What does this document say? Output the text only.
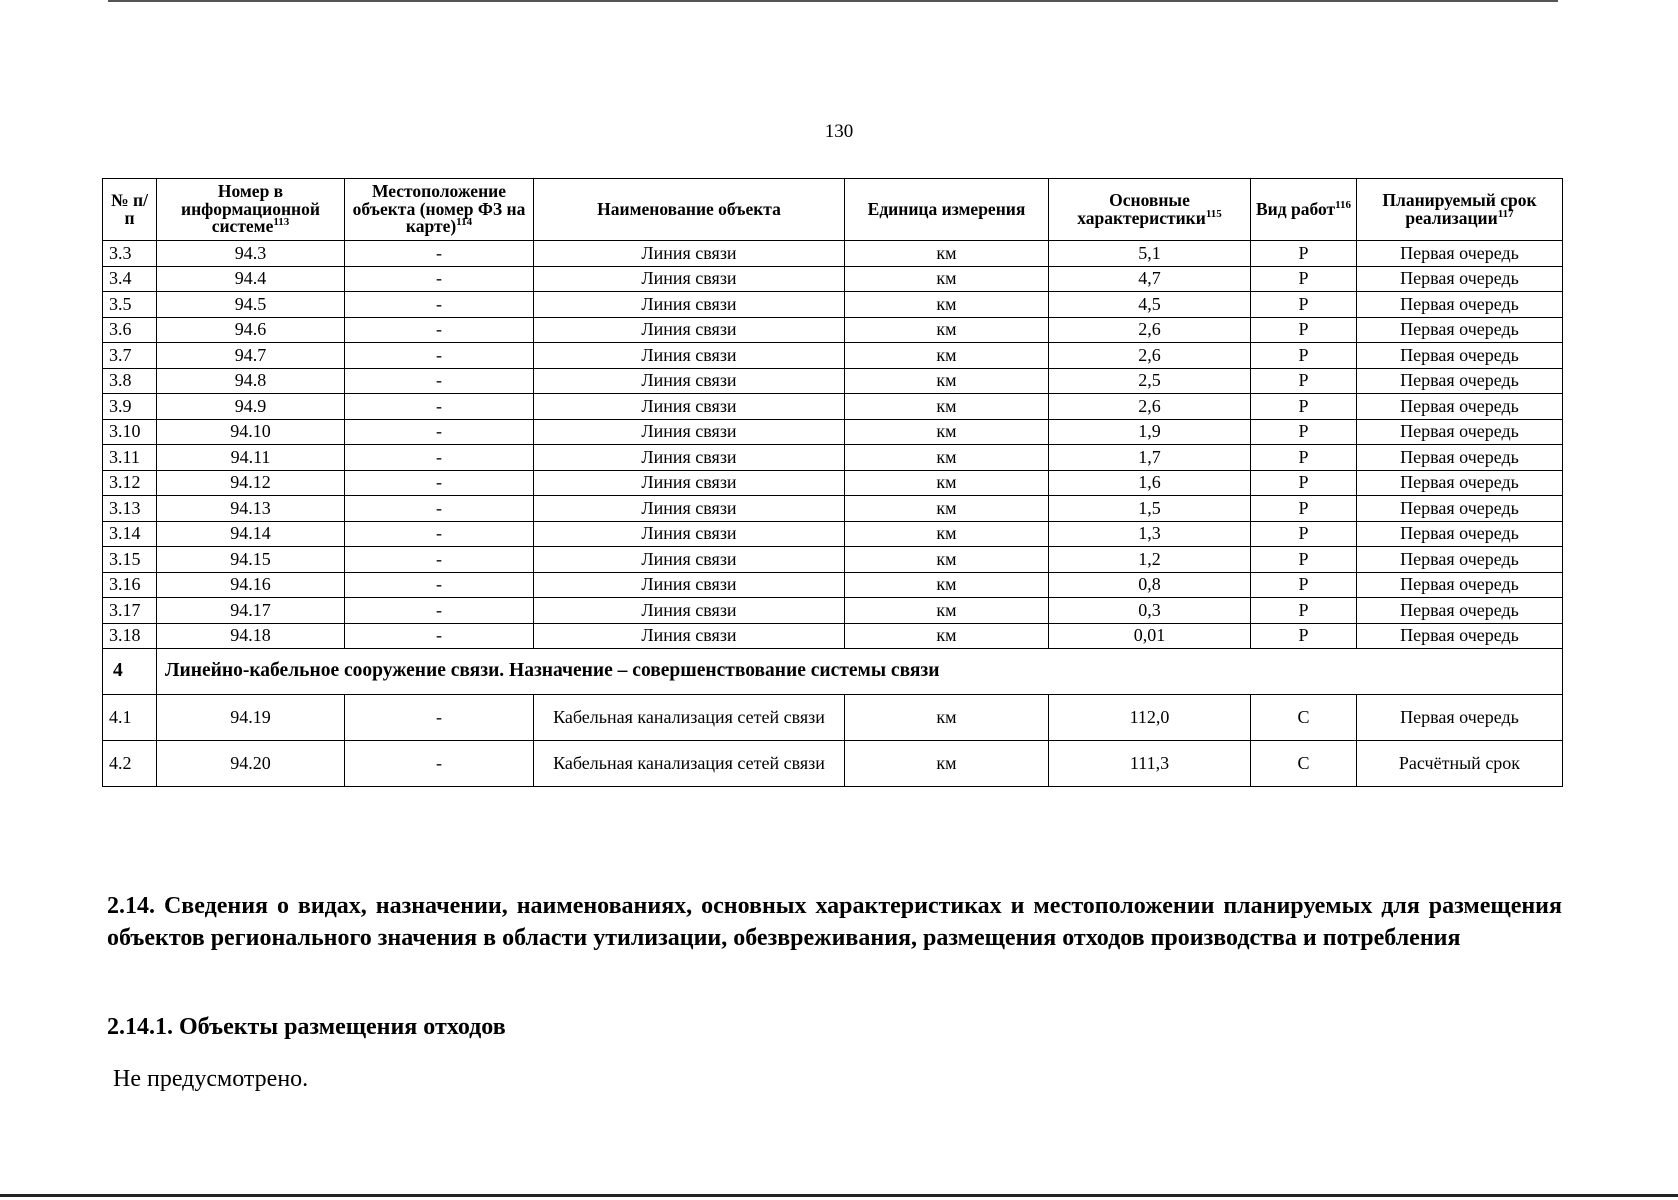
130
№ п/п	Номер в информационной системе$^{113}$	Местоположение объекта (номер ФЗ на карте)$^{114}$	Наименование объекта	Единица измерения	Основные характеристики$^{115}$	Вид работ$^{116}$	Планируемый срок реализации$^{117}$
3.3	94.3	-	Линия связи	км	5,1	Р	Первая очередь
3.4	94.4	-	Линия связи	км	4,7	Р	Первая очередь
3.5	94.5	-	Линия связи	км	4,5	Р	Первая очередь
3.6	94.6	-	Линия связи	км	2,6	Р	Первая очередь
3.7	94.7	-	Линия связи	км	2,6	Р	Первая очередь
3.8	94.8	-	Линия связи	км	2,5	Р	Первая очередь
3.9	94.9	-	Линия связи	км	2,6	Р	Первая очередь
3.10	94.10	-	Линия связи	км	1,9	Р	Первая очередь
3.11	94.11	-	Линия связи	км	1,7	Р	Первая очередь
3.12	94.12	-	Линия связи	км	1,6	Р	Первая очередь
3.13	94.13	-	Линия связи	км	1,5	Р	Первая очередь
3.14	94.14	-	Линия связи	км	1,3	Р	Первая очередь
3.15	94.15	-	Линия связи	км	1,2	Р	Первая очередь
3.16	94.16	-	Линия связи	км	0,8	Р	Первая очередь
3.17	94.17	-	Линия связи	км	0,3	Р	Первая очередь
3.18	94.18	-	Линия связи	км	0,01	Р	Первая очередь
4	Линейно-кабельное сооружение связи. Назначение – совершенствование системы связи						
4.1	94.19	-	Кабельная канализация сетей связи	км	112,0	С	Первая очередь
4.2	94.20	-	Кабельная канализация сетей связи	км	111,3	С	Расчётный срок
2.14. Сведения о видах, назначении, наименованиях, основных характеристиках и местоположении планируемых для размещения объектов регионального значения в области утилизации, обезвреживания, размещения отходов производства и потребления
2.14.1. Объекты размещения отходов
Не предусмотрено.
